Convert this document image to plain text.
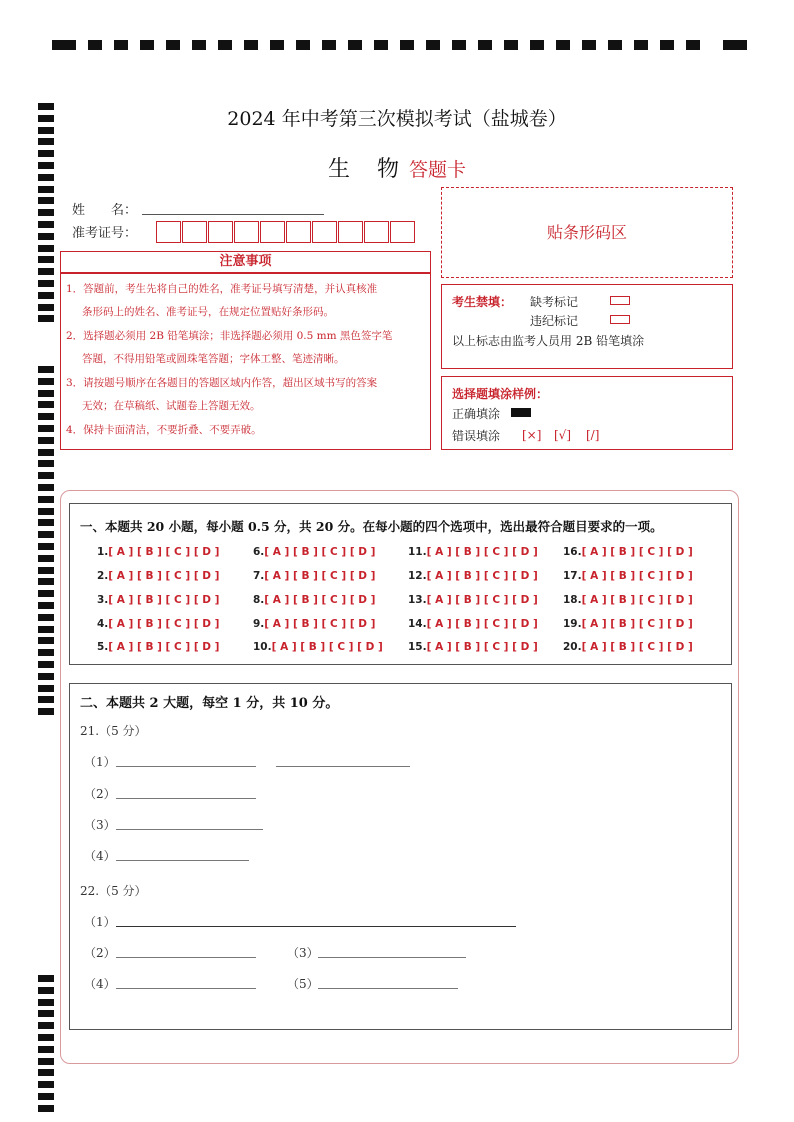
2024 年中考第三次模拟考试（盐城卷）
生 物答题卡
姓　　名：
准考证号：	贴条形码区
注意事项
1．答题前，考生先将自己的姓名，准考证号填写清楚，并认真核准
条形码上的姓名、准考证号，在规定位置贴好条形码。
2．选择题必须用 2B 铅笔填涂；非选择题必须用 0.5 mm 黑色签字笔
答题，不得用铅笔或圆珠笔答题；字体工整、笔迹清晰。
3．请按题号顺序在各题目的答题区域内作答，超出区域书写的答案
无效；在草稿纸、试题卷上答题无效。
4．保持卡面清洁，不要折叠、不要弄破。
考生禁填： 缺考标记
违纪标记
以上标志由监考人员用 2B 铅笔填涂
选择题填涂样例：
正确填涂
错误填涂 [×] [√] [/]
一、本题共 20 小题，每小题 0.5 分，共 20 分。在每小题的四个选项中，选出最符合题目要求的一项。
1.[ A ] [ B ] [ C ] [ D ]
2.[ A ] [ B ] [ C ] [ D ]
3.[ A ] [ B ] [ C ] [ D ]
4.[ A ] [ B ] [ C ] [ D ]
5.[ A ] [ B ] [ C ] [ D ]
6.[ A ] [ B ] [ C ] [ D ]
7.[ A ] [ B ] [ C ] [ D ]
8.[ A ] [ B ] [ C ] [ D ]
9.[ A ] [ B ] [ C ] [ D ]
10.[ A ] [ B ] [ C ] [ D ]
11.[ A ] [ B ] [ C ] [ D ]
12.[ A ] [ B ] [ C ] [ D ]
13.[ A ] [ B ] [ C ] [ D ]
14.[ A ] [ B ] [ C ] [ D ]
15.[ A ] [ B ] [ C ] [ D ]
16.[ A ] [ B ] [ C ] [ D ]
17.[ A ] [ B ] [ C ] [ D ]
18.[ A ] [ B ] [ C ] [ D ]
19.[ A ] [ B ] [ C ] [ D ]
20.[ A ] [ B ] [ C ] [ D ]
二、本题共 2 大题，每空 1 分，共 10 分。
21.（5 分）
（1）
（2）
（3）
（4）
22.（5 分）
（1）
（2）	（3）
（4）	（5）
